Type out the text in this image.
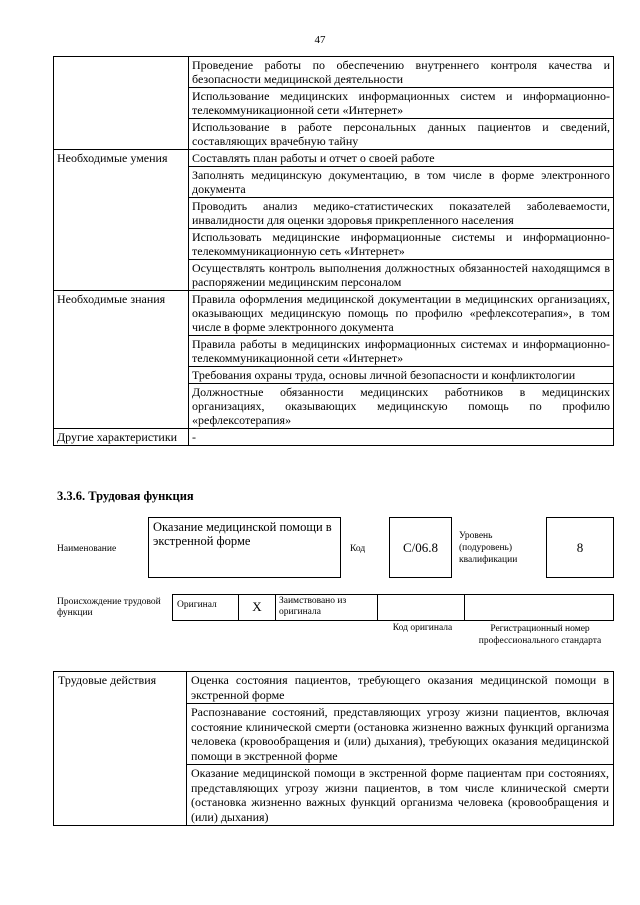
47
	Проведение работы по обеспечению внутреннего контроля качества и безопасности медицинской деятельности
	Использование медицинских информационных систем и информационно-телекоммуникационной сети «Интернет»
	Использование в работе персональных данных пациентов и сведений, составляющих врачебную тайну
Необходимые умения	Составлять план работы и отчет о своей работе
	Заполнять медицинскую документацию, в том числе в форме электронного документа
	Проводить анализ медико-статистических показателей заболеваемости, инвалидности для оценки здоровья прикрепленного населения
	Использовать медицинские информационные системы и информационно-телекоммуникационную сеть «Интернет»
	Осуществлять контроль выполнения должностных обязанностей находящимся в распоряжении медицинским персоналом
Необходимые знания	Правила оформления медицинской документации в медицинских организациях, оказывающих медицинскую помощь по профилю «рефлексотерапия», в том числе в форме электронного документа
	Правила работы в медицинских информационных системах и информационно-телекоммуникационной сети «Интернет»
	Требования охраны труда, основы личной безопасности и конфликтологии
	Должностные обязанности медицинских работников в медицинских организациях, оказывающих медицинскую помощь по профилю «рефлексотерапия»
Другие характеристики	-
3.3.6. Трудовая функция
Наименование
Оказание медицинской помощи в экстренной форме
Код	С/06.8
Уровень (подуровень) квалификации
8
Происхождение трудовой функции
Оригинал	X	Заимствовано из оригинала
Код оригинала	Регистрационный номер профессионального стандарта
Трудовые действия	Оценка состояния пациентов, требующего оказания медицинской помощи в экстренной форме
Распознавание состояний, представляющих угрозу жизни пациентов, включая состояние клинической смерти (остановка жизненно важных функций организма человека (кровообращения и (или) дыхания), требующих оказания медицинской помощи в экстренной форме
Оказание медицинской помощи в экстренной форме пациентам при состояниях, представляющих угрозу жизни пациентов, в том числе клинической смерти (остановка жизненно важных функций организма человека (кровообращения и (или) дыхания)
